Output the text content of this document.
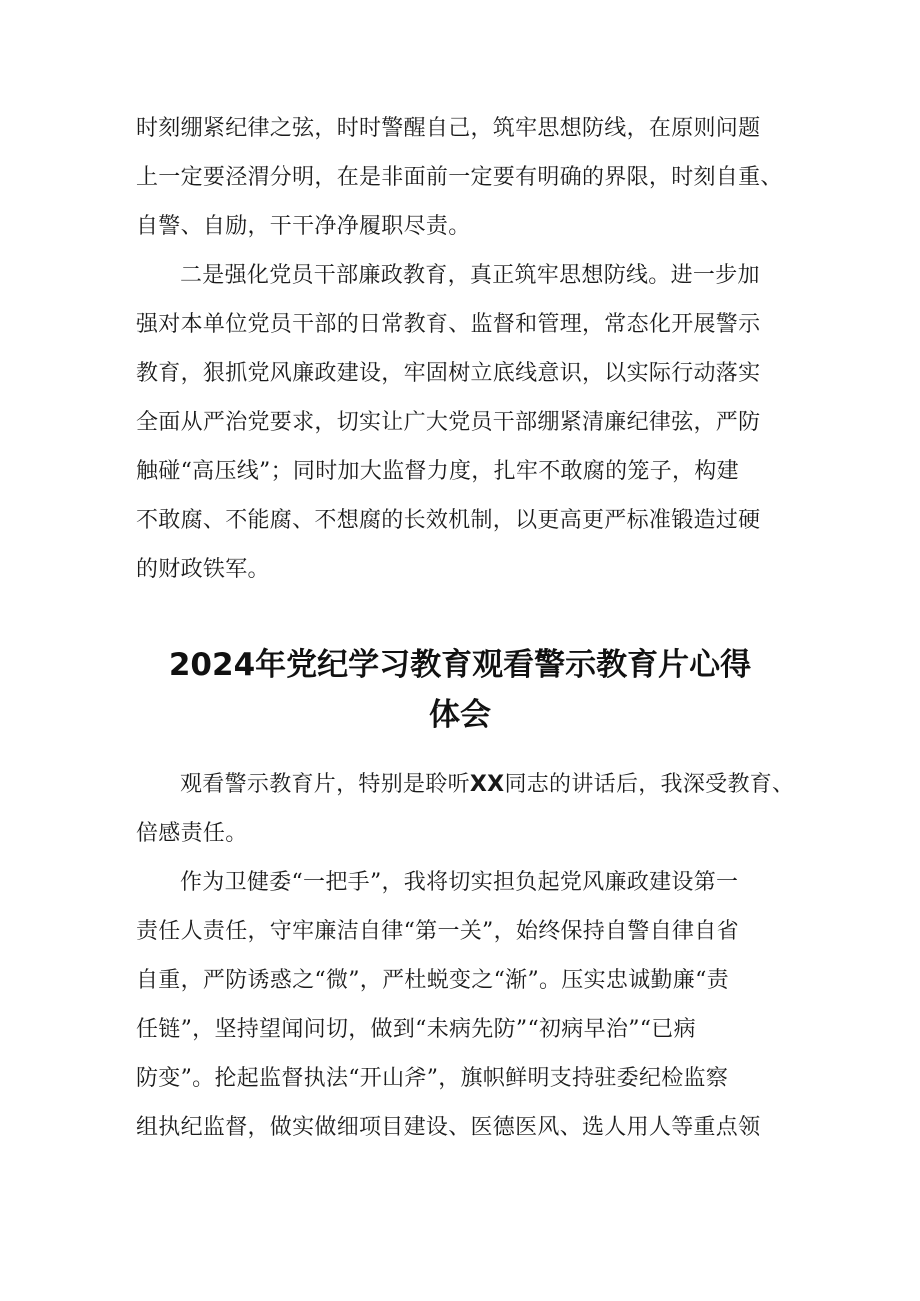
时刻绷紧纪律之弦，时时警醒自己，筑牢思想防线，在原则问题
上一定要泾渭分明，在是非面前一定要有明确的界限，时刻自重、
自警、自励，干干净净履职尽责。
二是强化党员干部廉政教育，真正筑牢思想防线。进一步加
强对本单位党员干部的日常教育、监督和管理，常态化开展警示
教育，狠抓党风廉政建设，牢固树立底线意识，以实际行动落实
全面从严治党要求，切实让广大党员干部绷紧清廉纪律弦，严防
触碰“高压线”；同时加大监督力度，扎牢不敢腐的笼子，构建
不敢腐、不能腐、不想腐的长效机制，以更高更严标准锻造过硬
的财政铁军。
2024年党纪学习教育观看警示教育片心得
体会
观看警示教育片，特别是聆听XX同志的讲话后，我深受教育、
倍感责任。
作为卫健委“一把手”，我将切实担负起党风廉政建设第一
责任人责任，守牢廉洁自律“第一关”，始终保持自警自律自省
自重，严防诱惑之“微”，严杜蜕变之“渐”。压实忠诚勤廉“责
任链”，坚持望闻问切，做到“未病先防”“初病早治”“已病
防变”。抡起监督执法“开山斧”，旗帜鲜明支持驻委纪检监察
组执纪监督，做实做细项目建设、医德医风、选人用人等重点领
